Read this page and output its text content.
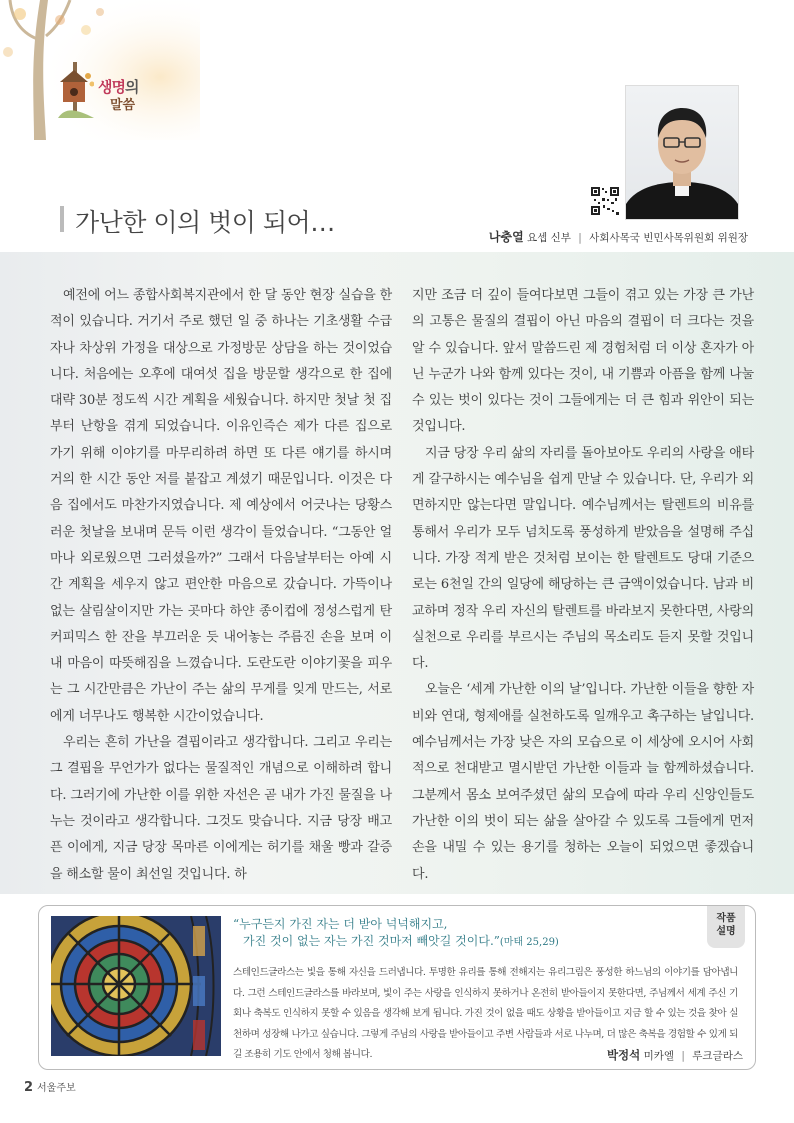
생명의
말씀
가난한 이의 벗이 되어…	나충열 요셉 신부 | 사회사목국 빈민사목위원회 위원장

예전에 어느 종합사회복지관에서 한 달 동안 현장 실습을 한 적이 있습니다. 거기서 주로 했던 일 중 하나는 기초생활 수급자나 차상위 가정을 대상으로 가정방문 상담을 하는 것이었습니다. 처음에는 오후에 대여섯 집을 방문할 생각으로 한 집에 대략 30분 정도씩 시간 계획을 세웠습니다. 하지만 첫날 첫 집부터 난항을 겪게 되었습니다. 이유인즉슨 제가 다른 집으로 가기 위해 이야기를 마무리하려 하면 또 다른 얘기를 하시며 거의 한 시간 동안 저를 붙잡고 계셨기 때문입니다. 이것은 다음 집에서도 마찬가지였습니다. 제 예상에서 어긋나는 당황스러운 첫날을 보내며 문득 이런 생각이 들었습니다. “그동안 얼마나 외로웠으면 그러셨을까?” 그래서 다음날부터는 아예 시간 계획을 세우지 않고 편안한 마음으로 갔습니다. 가뜩이나 없는 살림살이지만 가는 곳마다 하얀 종이컵에 정성스럽게 탄 커피믹스 한 잔을 부끄러운 듯 내어놓는 주름진 손을 보며 이내 마음이 따뜻해짐을 느꼈습니다. 도란도란 이야기꽃을 피우는 그 시간만큼은 가난이 주는 삶의 무게를 잊게 만드는, 서로에게 너무나도 행복한 시간이었습니다.

우리는 흔히 가난을 결핍이라고 생각합니다. 그리고 우리는 그 결핍을 무언가가 없다는 물질적인 개념으로 이해하려 합니다. 그러기에 가난한 이를 위한 자선은 곧 내가 가진 물질을 나누는 것이라고 생각합니다. 그것도 맞습니다. 지금 당장 배고픈 이에게, 지금 당장 목마른 이에게는 허기를 채울 빵과 갈증을 해소할 물이 최선일 것입니다. 하

지만 조금 더 깊이 들여다보면 그들이 겪고 있는 가장 큰 가난의 고통은 물질의 결핍이 아닌 마음의 결핍이 더 크다는 것을 알 수 있습니다. 앞서 말씀드린 제 경험처럼 더 이상 혼자가 아닌 누군가 나와 함께 있다는 것이, 내 기쁨과 아픔을 함께 나눌 수 있는 벗이 있다는 것이 그들에게는 더 큰 힘과 위안이 되는 것입니다.

지금 당장 우리 삶의 자리를 돌아보아도 우리의 사랑을 애타게 갈구하시는 예수님을 쉽게 만날 수 있습니다. 단, 우리가 외면하지만 않는다면 말입니다. 예수님께서는 탈렌트의 비유를 통해서 우리가 모두 넘치도록 풍성하게 받았음을 설명해 주십니다. 가장 적게 받은 것처럼 보이는 한 탈렌트도 당대 기준으로는 6천일 간의 일당에 해당하는 큰 금액이었습니다. 남과 비교하며 정작 우리 자신의 탈렌트를 바라보지 못한다면, 사랑의 실천으로 우리를 부르시는 주님의 목소리도 듣지 못할 것입니다.

오늘은 ‘세계 가난한 이의 날’입니다. 가난한 이들을 향한 자비와 연대, 형제애를 실천하도록 일깨우고 촉구하는 날입니다. 예수님께서는 가장 낮은 자의 모습으로 이 세상에 오시어 사회적으로 천대받고 멸시받던 가난한 이들과 늘 함께하셨습니다. 그분께서 몸소 보여주셨던 삶의 모습에 따라 우리 신앙인들도 가난한 이의 벗이 되는 삶을 살아갈 수 있도록 그들에게 먼저 손을 내밀 수 있는 용기를 청하는 오늘이 되었으면 좋겠습니다.

“누구든지 가진 자는 더 받아 넉넉해지고,
가진 것이 없는 자는 가진 것마저 빼앗길 것이다.”(마태 25,29)
작품
설명

스테인드글라스는 빛을 통해 자신을 드러냅니다. 투명한 유리를 통해 전해지는 유리그림은 풍성한 하느님의 이야기를 담아냅니다. 그런 스테인드글라스를 바라보며, 빛이 주는 사랑을 인식하지 못하거나 온전히 받아들이지 못한다면, 주님께서 세계 주신 기회나 축복도 인식하지 못할 수 있음을 생각해 보게 됩니다. 가진 것이 없을 때도 상황을 받아들이고 지금 할 수 있는 것을 찾아 실천하며 성장해 나가고 싶습니다. 그렇게 주님의 사랑을 받아들이고 주변 사람들과 서로 나누며, 더 많은 축복을 경험할 수 있게 되길 조용히 기도 안에서 청해 봅니다.	박정석 미카엘 | 루크글라스
2 서울주보
